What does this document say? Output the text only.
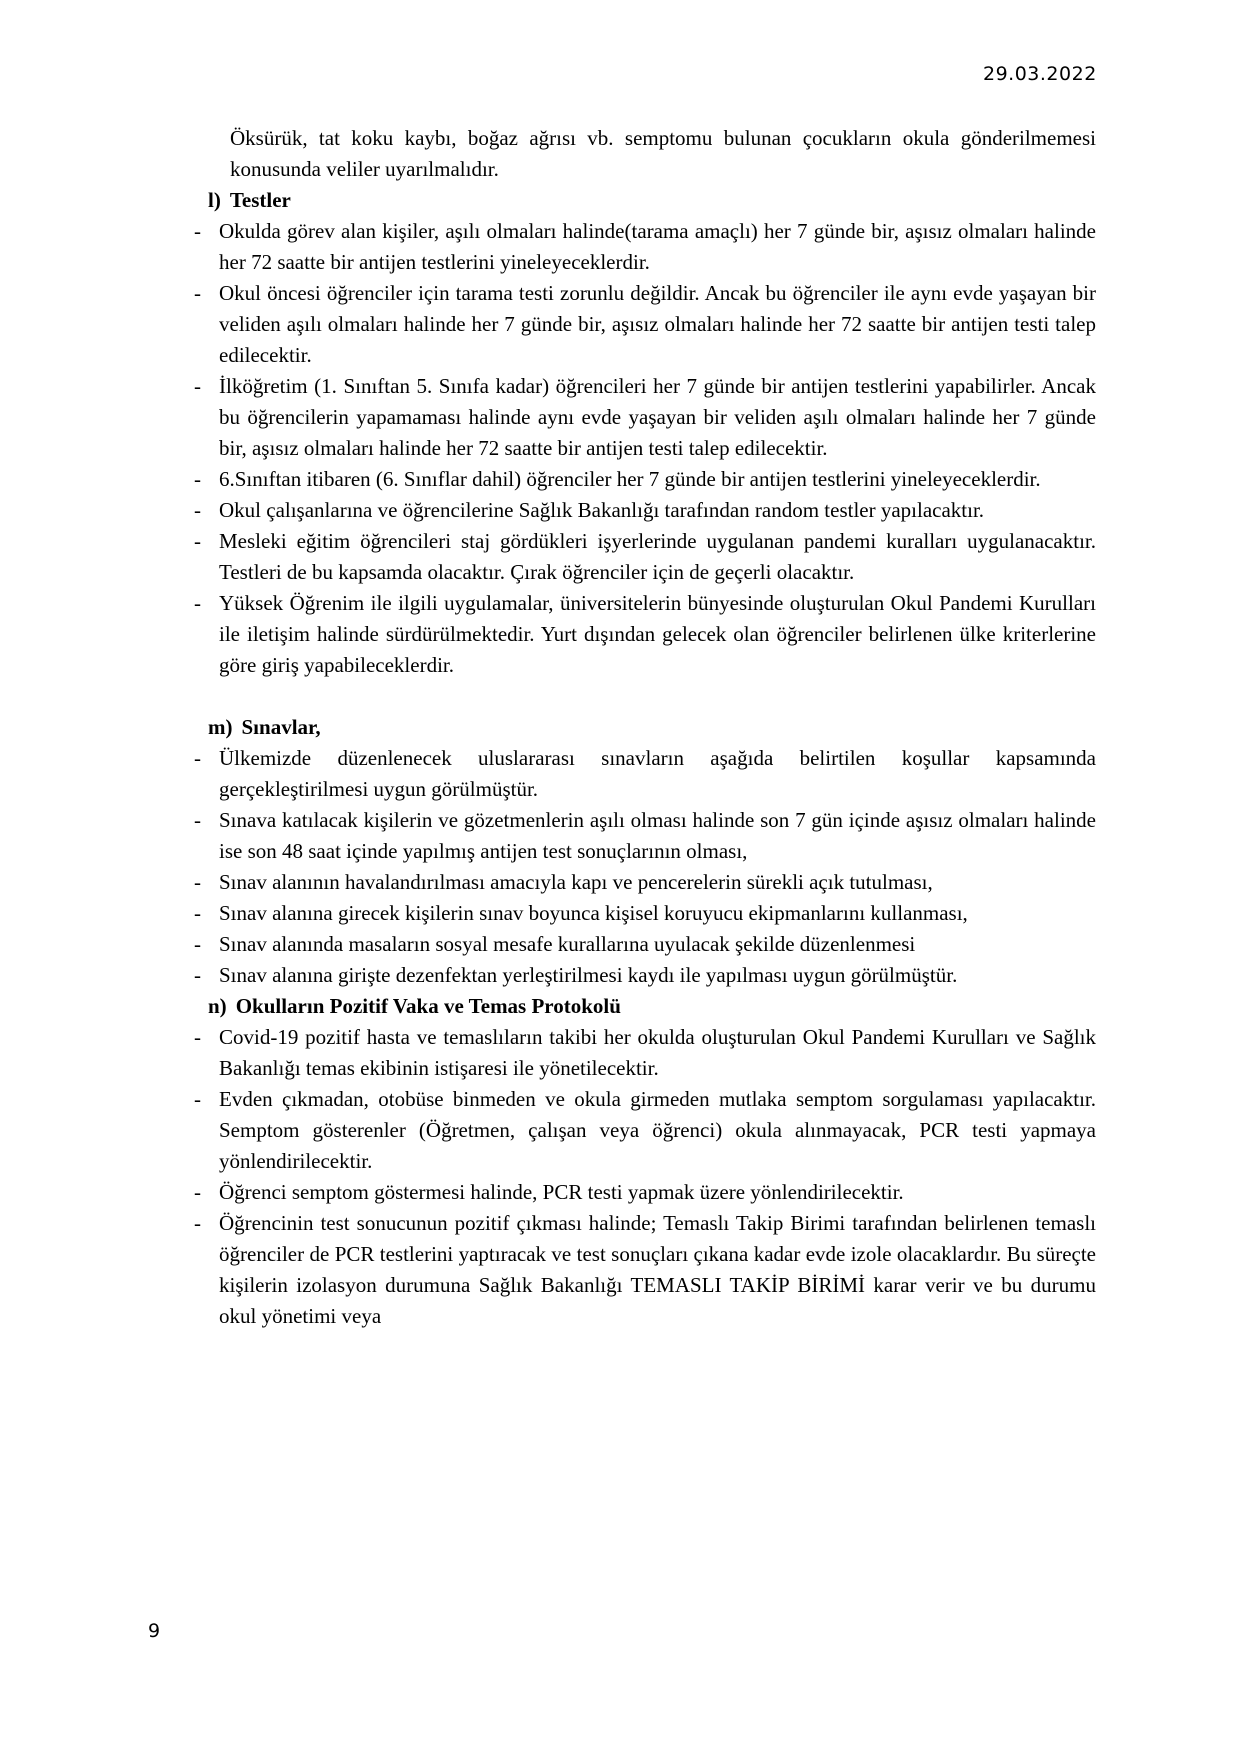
29.03.2022

Öksürük, tat koku kaybı, boğaz ağrısı vb. semptomu bulunan çocukların okula gönderilmemesi konusunda veliler uyarılmalıdır.

l) Testler
- Okulda görev alan kişiler, aşılı olmaları halinde(tarama amaçlı) her 7 günde bir, aşısız olmaları halinde her 72 saatte bir antijen testlerini yineleyeceklerdir.
- Okul öncesi öğrenciler için tarama testi zorunlu değildir. Ancak bu öğrenciler ile aynı evde yaşayan bir veliden aşılı olmaları halinde her 7 günde bir, aşısız olmaları halinde her 72 saatte bir antijen testi talep edilecektir.
- İlköğretim (1. Sınıftan 5. Sınıfa kadar) öğrencileri her 7 günde bir antijen testlerini yapabilirler. Ancak bu öğrencilerin yapamaması halinde aynı evde yaşayan bir veliden aşılı olmaları halinde her 7 günde bir, aşısız olmaları halinde her 72 saatte bir antijen testi talep edilecektir.
- 6.Sınıftan itibaren (6. Sınıflar dahil) öğrenciler her 7 günde bir antijen testlerini yineleyeceklerdir.
- Okul çalışanlarına ve öğrencilerine Sağlık Bakanlığı tarafından random testler yapılacaktır.
- Mesleki eğitim öğrencileri staj gördükleri işyerlerinde uygulanan pandemi kuralları uygulanacaktır. Testleri de bu kapsamda olacaktır. Çırak öğrenciler için de geçerli olacaktır.
- Yüksek Öğrenim ile ilgili uygulamalar, üniversitelerin bünyesinde oluşturulan Okul Pandemi Kurulları ile iletişim halinde sürdürülmektedir. Yurt dışından gelecek olan öğrenciler belirlenen ülke kriterlerine göre giriş yapabileceklerdir.
m) Sınavlar,
- Ülkemizde düzenlenecek uluslararası sınavların aşağıda belirtilen koşullar kapsamında gerçekleştirilmesi uygun görülmüştür.
- Sınava katılacak kişilerin ve gözetmenlerin aşılı olması halinde son 7 gün içinde aşısız olmaları halinde ise son 48 saat içinde yapılmış antijen test sonuçlarının olması,
- Sınav alanının havalandırılması amacıyla kapı ve pencerelerin sürekli açık tutulması,
- Sınav alanına girecek kişilerin sınav boyunca kişisel koruyucu ekipmanlarını kullanması,
- Sınav alanında masaların sosyal mesafe kurallarına uyulacak şekilde düzenlenmesi
- Sınav alanına girişte dezenfektan yerleştirilmesi kaydı ile yapılması uygun görülmüştür.
n) Okulların Pozitif Vaka ve Temas Protokolü
- Covid-19 pozitif hasta ve temaslıların takibi her okulda oluşturulan Okul Pandemi Kurulları ve Sağlık Bakanlığı temas ekibinin istişaresi ile yönetilecektir.
- Evden çıkmadan, otobüse binmeden ve okula girmeden mutlaka semptom sorgulaması yapılacaktır. Semptom gösterenler (Öğretmen, çalışan veya öğrenci) okula alınmayacak, PCR testi yapmaya yönlendirilecektir.
- Öğrenci semptom göstermesi halinde, PCR testi yapmak üzere yönlendirilecektir.
- Öğrencinin test sonucunun pozitif çıkması halinde; Temaslı Takip Birimi tarafından belirlenen temaslı öğrenciler de PCR testlerini yaptıracak ve test sonuçları çıkana kadar evde izole olacaklardır. Bu süreçte kişilerin izolasyon durumuna Sağlık Bakanlığı TEMASLI TAKİP BİRİMİ karar verir ve bu durumu okul yönetimi veya
9
